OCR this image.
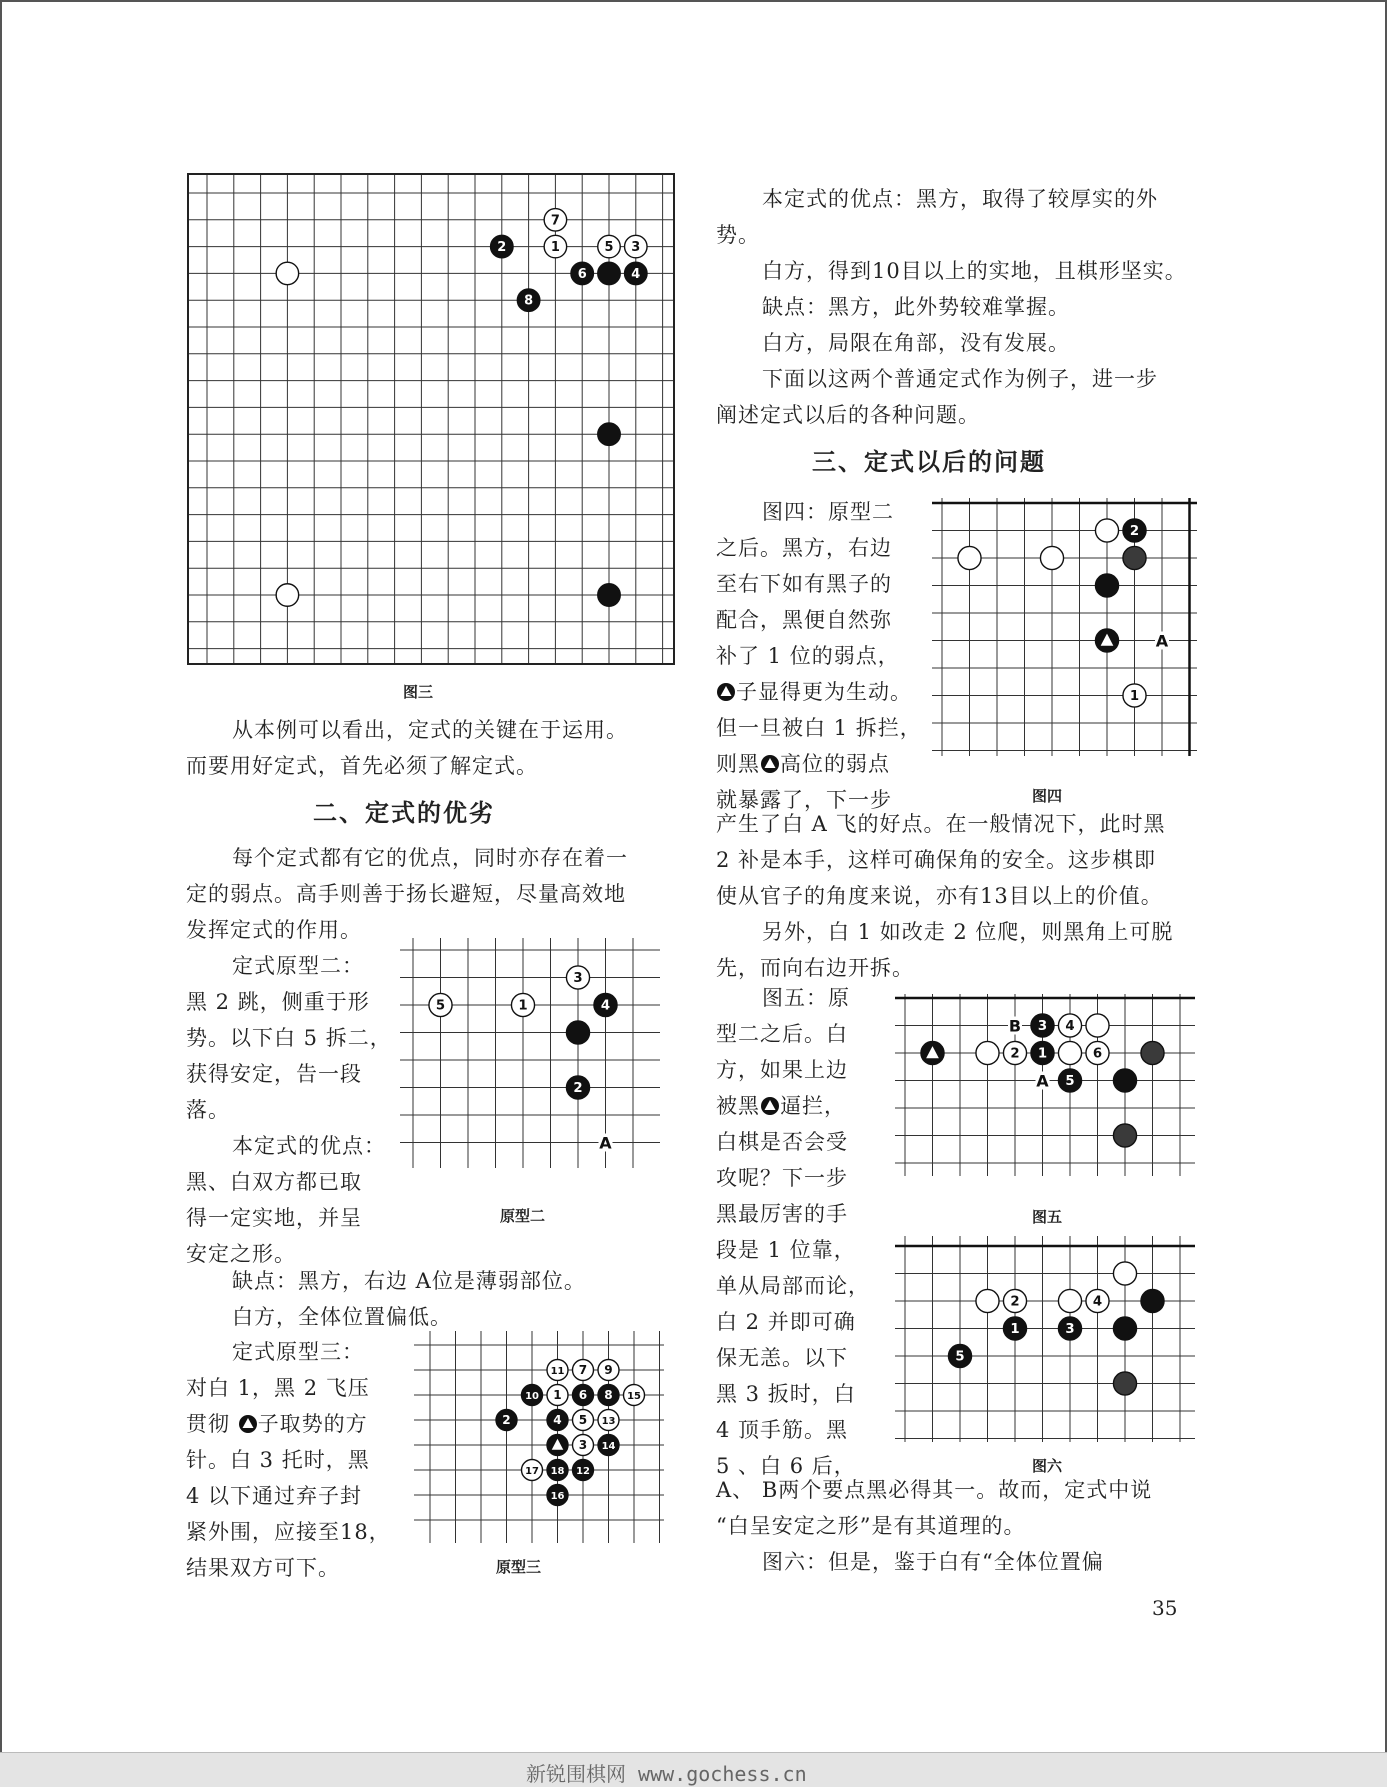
7
1	5 3
2
6	4
8
3
5	1	4
2
A
11 7 9
10 1 6 8 15
2	4 5 13
3 14
17 18 12
16
2
1
A
3 4
2 1	6
5
B
A
2	4
1	3
5
图三
原型二
原型三
图四
图五
图六
从本例可以看出，定式的关键在于运用。
而要用好定式，首先必须了解定式。
二、定式的优劣
每个定式都有它的优点，同时亦存在着一
定的弱点。高手则善于扬长避短，尽量高效地
发挥定式的作用。
定式原型二：
黑 2 跳，侧重于形
势。以下白 5 拆二，
获得安定，告一段
落。
本定式的优点：
黑、白双方都已取
得一定实地，并呈
安定之形。
缺点：黑方，右边 A位是薄弱部位。
白方，全体位置偏低。
定式原型三：
对白 1，黑 2 飞压
贯彻 子取势的方
针。白 3 托时，黑
4 以下通过弃子封
紧外围，应接至18，
结果双方可下。
本定式的优点：黑方，取得了较厚实的外
势。
白方，得到10目以上的实地，且棋形坚实。
缺点：黑方，此外势较难掌握。
白方，局限在角部，没有发展。
下面以这两个普通定式作为例子，进一步
阐述定式以后的各种问题。
三、定式以后的问题
图四：原型二
之后。黑方，右边
至右下如有黑子的
配合，黑便自然弥
补了 1 位的弱点，
子显得更为生动。
但一旦被白 1 拆拦，
则黑 高位的弱点
就暴露了，下一步
产生了白 A 飞的好点。在一般情况下，此时黑
2 补是本手，这样可确保角的安全。这步棋即
使从官子的角度来说，亦有13目以上的价值。
另外，白 1 如改走 2 位爬，则黑角上可脱
先，而向右边开拆。
图五：原
型二之后。白
方，如果上边
被黑 逼拦，
白棋是否会受
攻呢？下一步
黑最厉害的手
段是 1 位靠，
单从局部而论，
白 2 并即可确
保无恙。以下
黑 3 扳时，白
4 顶手筋。黑
5 、白 6 后，
A、 B两个要点黑必得其一。故而，定式中说
“白呈安定之形”是有其道理的。
图六：但是，鉴于白有“全体位置偏
35
新锐围棋网 www.gochess.cn
